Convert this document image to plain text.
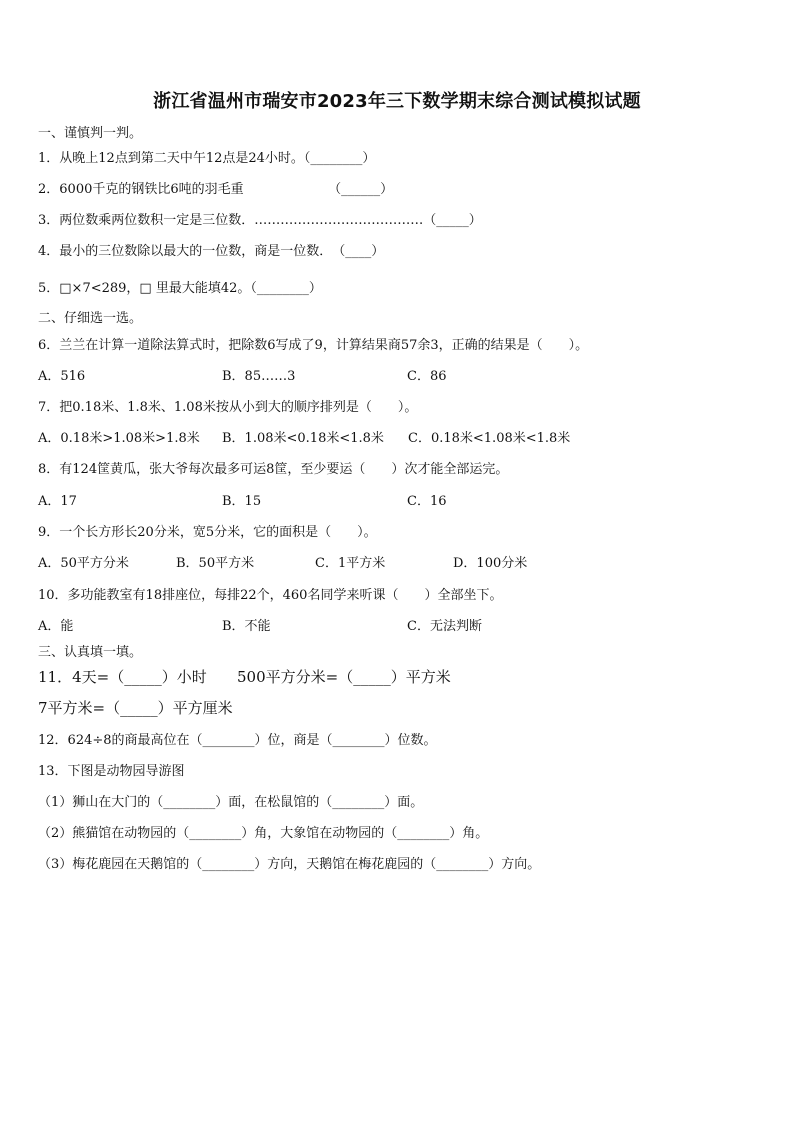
浙江省温州市瑞安市2023年三下数学期末综合测试模拟试题
一、谨慎判一判。
1．从晚上12点到第二天中午12点是24小时。（________）
2．6000千克的钢铁比6吨的羽毛重　　　　　　　（______）
3．两位数乘两位数积一定是三位数．…………………………………（_____）
4．最小的三位数除以最大的一位数，商是一位数．　（____）
5．□×7<289，□ 里最大能填42。（________）
二、仔细选一选。
6．兰兰在计算一道除法算式时，把除数6写成了9，计算结果商57余3，正确的结果是（　　）。
A．516	B．85……3	C．86
7．把0.18米、1.8米、1.08米按从小到大的顺序排列是（　　）。
A．0.18米>1.08米>1.8米 B．1.08米<0.18米<1.8米 C．0.18米<1.08米<1.8米
8．有124筐黄瓜，张大爷每次最多可运8筐，至少要运（　　）次才能全部运完。
A．17	B．15	C．16
9．一个长方形长20分米，宽5分米，它的面积是（　　）。
A．50平方分米	B．50平方米	C．1平方米	D．100分米
10．多功能教室有18排座位，每排22个，460名同学来听课（　　）全部坐下。
A．能	B．不能	C．无法判断
三、认真填一填。
11．4天=（_____）小时 500平方分米=（_____）平方米
7平方米=（_____）平方厘米
12．624÷8的商最高位在（________）位，商是（________）位数。
13．下图是动物园导游图
（1）狮山在大门的（________）面，在松鼠馆的（________）面。
（2）熊猫馆在动物园的（________）角，大象馆在动物园的（________）角。
（3）梅花鹿园在天鹅馆的（________）方向，天鹅馆在梅花鹿园的（________）方向。
